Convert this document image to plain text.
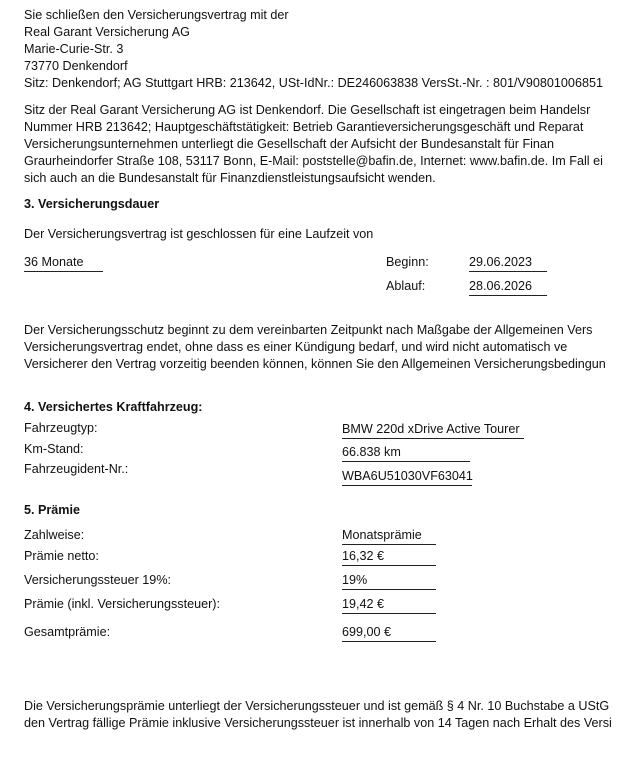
Sie schließen den Versicherungsvertrag mit der
Real Garant Versicherung AG
Marie-Curie-Str. 3
73770 Denkendorf
Sitz: Denkendorf; AG Stuttgart HRB: 213642, USt-IdNr.: DE246063838 VersSt.-Nr. : 801/V90801006851
Sitz der Real Garant Versicherung AG ist Denkendorf. Die Gesellschaft ist eingetragen beim Handelsr
Nummer HRB 213642; Hauptgeschäftstätigkeit: Betrieb Garantieversicherungsgeschäft und Reparat
Versicherungsunternehmen unterliegt die Gesellschaft der Aufsicht der Bundesanstalt für Finan
Graurheindorfer Straße 108, 53117 Bonn, E-Mail: poststelle@bafin.de, Internet: www.bafin.de. Im Fall ei
sich auch an die Bundesanstalt für Finanzdienstleistungsaufsicht wenden.
3. Versicherungsdauer
Der Versicherungsvertrag ist geschlossen für eine Laufzeit von
36 Monate	Beginn:	29.06.2023
Ablauf:	28.06.2026
Der Versicherungsschutz beginnt zu dem vereinbarten Zeitpunkt nach Maßgabe der Allgemeinen Vers
Versicherungsvertrag endet, ohne dass es einer Kündigung bedarf, und wird nicht automatisch ve
Versicherer den Vertrag vorzeitig beenden können, können Sie den Allgemeinen Versicherungsbedingun
4. Versichertes Kraftfahrzeug:
Fahrzeugtyp:	BMW 220d xDrive Active Tourer
Km-Stand:	66.838 km
Fahrzeugident-Nr.:	WBA6U51030VF63041
5. Prämie
Zahlweise:	Monatsprämie
Prämie netto:	16,32 €
Versicherungssteuer 19%:	19%
Prämie (inkl. Versicherungssteuer):	19,42 €
Gesamtprämie:	699,00 €
Die Versicherungsprämie unterliegt der Versicherungssteuer und ist gemäß § 4 Nr. 10 Buchstabe a UStG
den Vertrag fällige Prämie inklusive Versicherungssteuer ist innerhalb von 14 Tagen nach Erhalt des Versi
